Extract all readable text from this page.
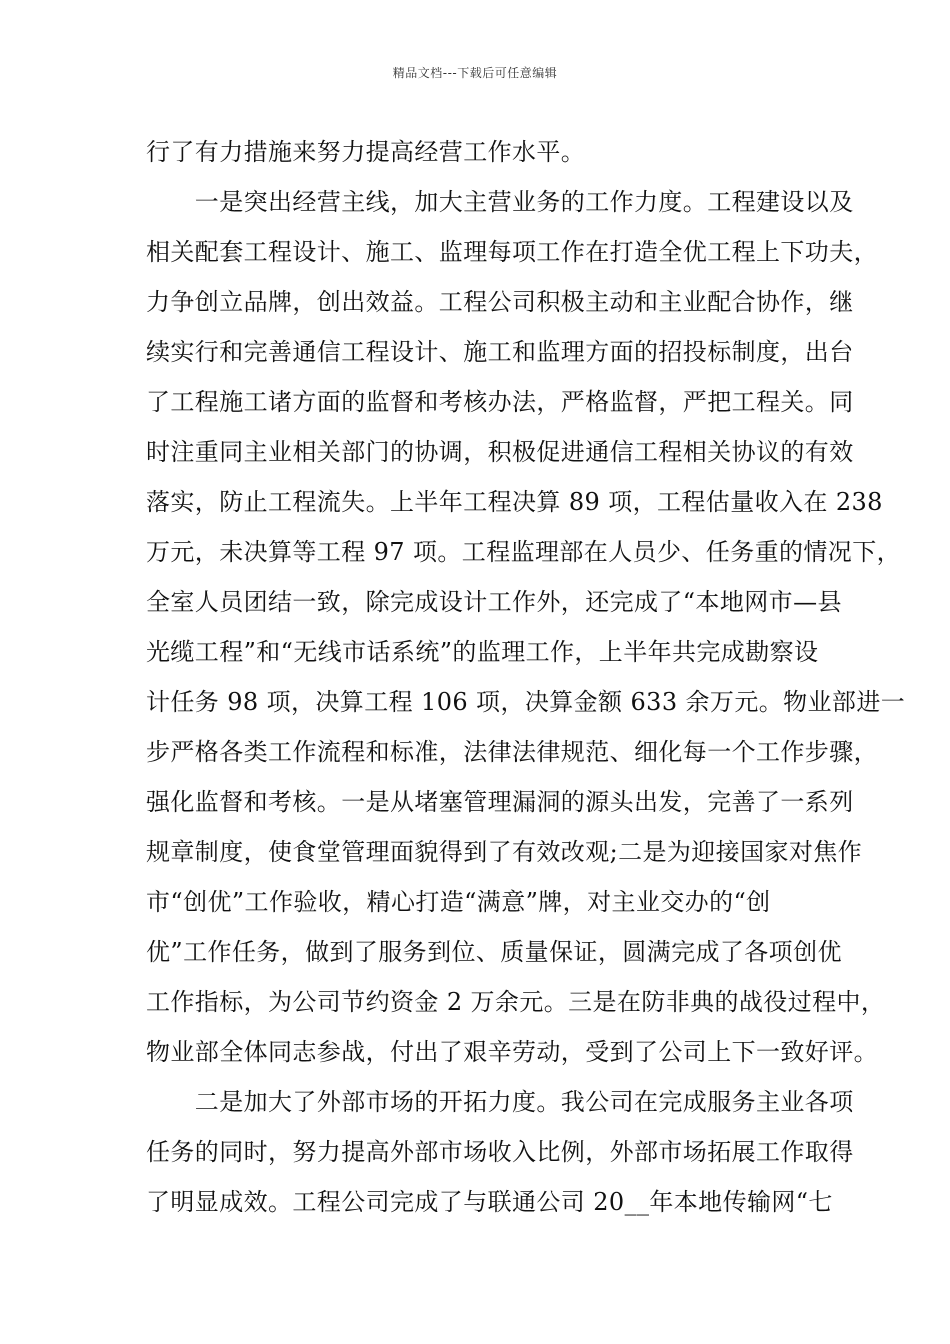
精品文档---下载后可任意编辑
行了有力措施来努力提高经营工作水平。
　　一是突出经营主线，加大主营业务的工作力度。工程建设以及
相关配套工程设计、施工、监理每项工作在打造全优工程上下功夫，
力争创立品牌，创出效益。工程公司积极主动和主业配合协作，继
续实行和完善通信工程设计、施工和监理方面的招投标制度，出台
了工程施工诸方面的监督和考核办法，严格监督，严把工程关。同
时注重同主业相关部门的协调，积极促进通信工程相关协议的有效
落实，防止工程流失。上半年工程决算 89 项，工程估量收入在 238
万元，未决算等工程 97 项。工程监理部在人员少、任务重的情况下，
全室人员团结一致，除完成设计工作外，还完成了“本地网市—县
光缆工程”和“无线市话系统”的监理工作，上半年共完成勘察设
计任务 98 项，决算工程 106 项，决算金额 633 余万元。物业部进一
步严格各类工作流程和标准，法律法律规范、细化每一个工作步骤，
强化监督和考核。一是从堵塞管理漏洞的源头出发，完善了一系列
规章制度，使食堂管理面貌得到了有效改观;二是为迎接国家对焦作
市“创优”工作验收，精心打造“满意”牌，对主业交办的“创
优”工作任务，做到了服务到位、质量保证，圆满完成了各项创优
工作指标，为公司节约资金 2 万余元。三是在防非典的战役过程中，
物业部全体同志参战，付出了艰辛劳动，受到了公司上下一致好评。
　　二是加大了外部市场的开拓力度。我公司在完成服务主业各项
任务的同时，努力提高外部市场收入比例，外部市场拓展工作取得
了明显成效。工程公司完成了与联通公司 20__年本地传输网“七
